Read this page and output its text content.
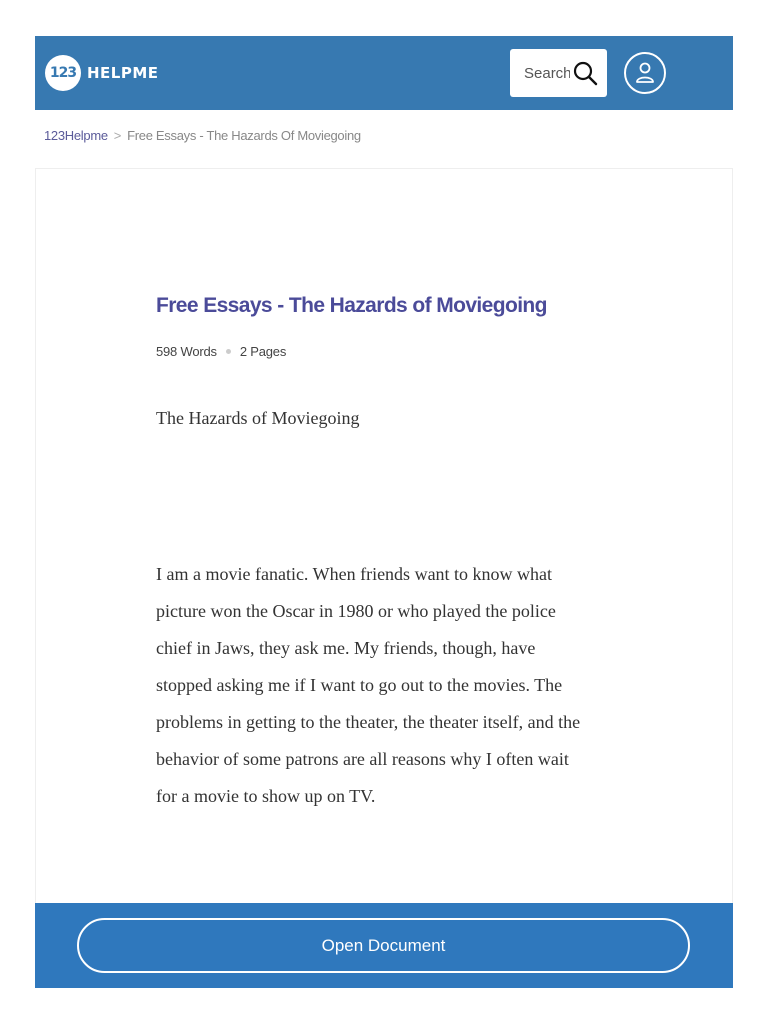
123 HELPME
Search
123Helpme > Free Essays - The Hazards Of Moviegoing
Free Essays - The Hazards of Moviegoing
598 Words 2 Pages
The Hazards of Moviegoing
I am a movie fanatic. When friends want to know what
picture won the Oscar in 1980 or who played the police
chief in Jaws, they ask me. My friends, though, have
stopped asking me if I want to go out to the movies. The
problems in getting to the theater, the theater itself, and the
behavior of some patrons are all reasons why I often wait
for a movie to show up on TV.
Open Document
